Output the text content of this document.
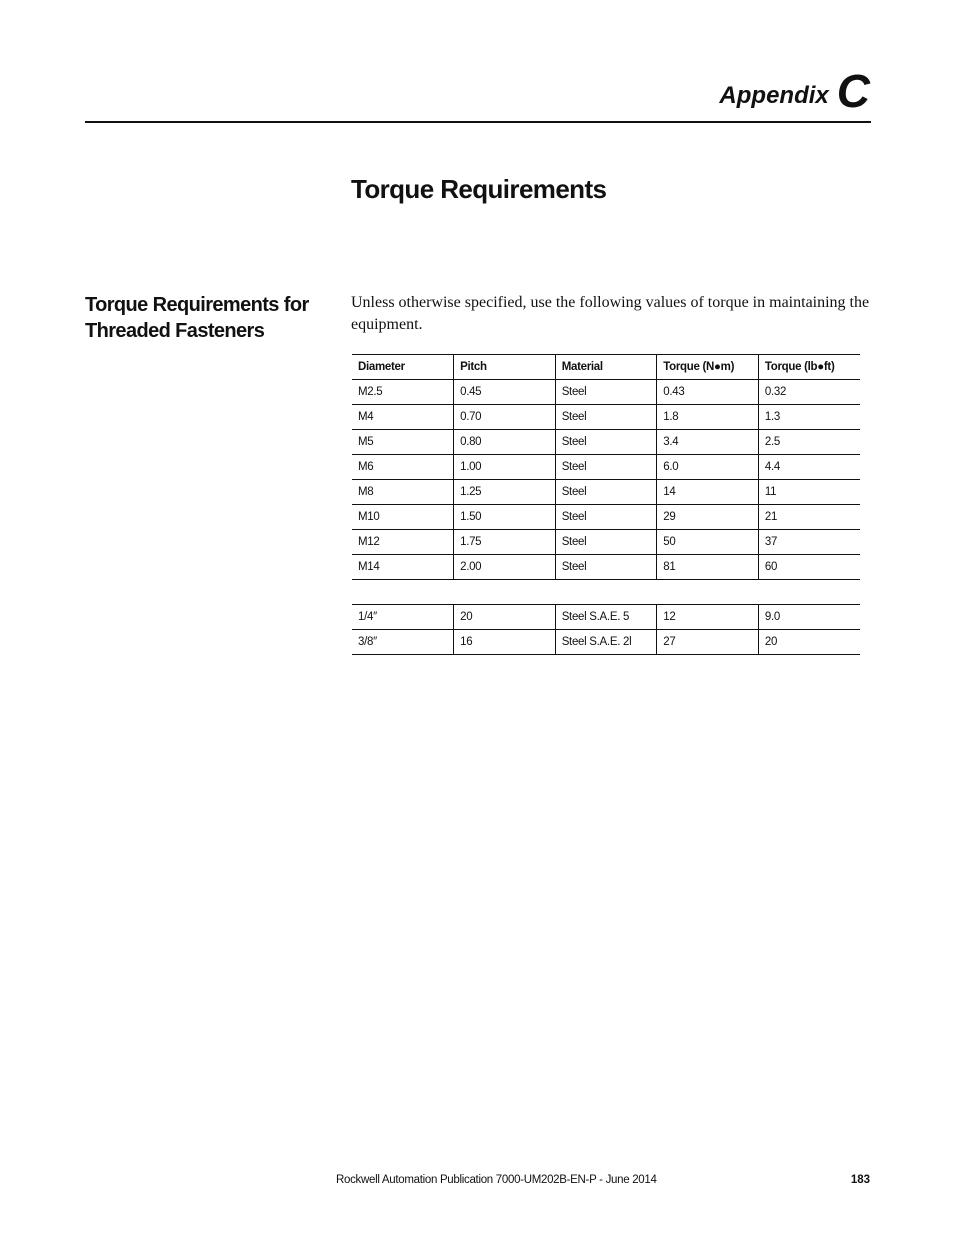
Appendix C
Torque Requirements
Torque Requirements for Threaded Fasteners

Unless otherwise specified, use the following values of torque in maintaining the equipment.

Diameter	Pitch	Material	Torque (N●m)	Torque (lb●ft)
M2.5	0.45	Steel	0.43	0.32
M4	0.70	Steel	1.8	1.3
M5	0.80	Steel	3.4	2.5
M6	1.00	Steel	6.0	4.4
M8	1.25	Steel	14	11
M10	1.50	Steel	29	21
M12	1.75	Steel	50	37
M14	2.00	Steel	81	60

1/4″	20	Steel S.A.E. 5	12	9.0
3/8″	16	Steel S.A.E. 2l	27	20
Rockwell Automation Publication 7000-UM202B-EN-P - June 2014	183
